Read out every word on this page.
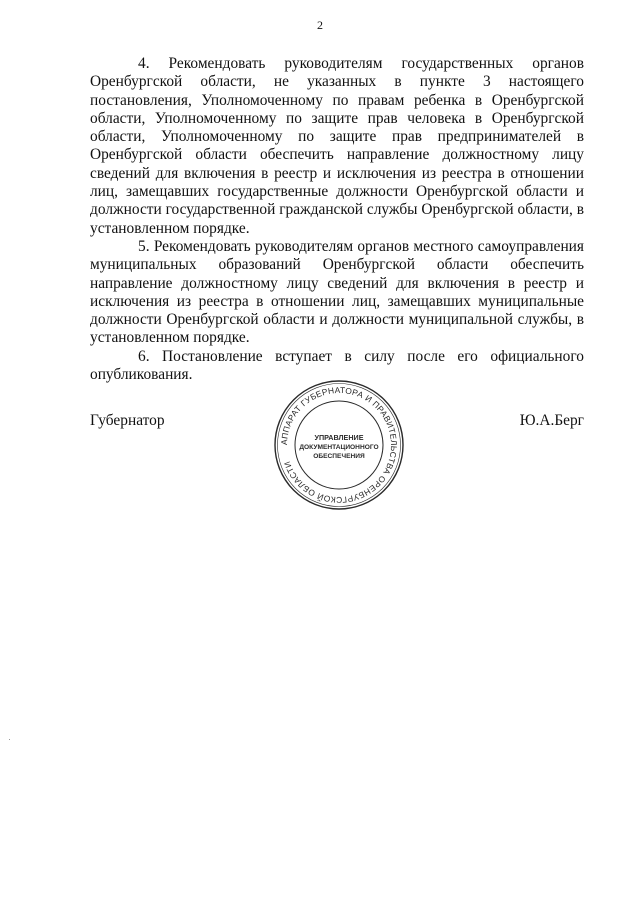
2

4. Рекомендовать руководителям государственных органов Оренбургской области, не указанных в пункте 3 настоящего постановления, Уполномоченному по правам ребенка в Оренбургской области, Уполномоченному по защите прав человека в Оренбургской области, Уполномоченному по защите прав предпринимателей в Оренбургской области обеспечить направление должностному лицу сведений для включения в реестр и исключения из реестра в отношении лиц, замещавших государственные должности Оренбургской области и должности государственной гражданской службы Оренбургской области, в установленном порядке.

5. Рекомендовать руководителям органов местного самоуправления муниципальных образований Оренбургской области обеспечить направление должностному лицу сведений для включения в реестр и исключения из реестра в отношении лиц, замещавших муниципальные должности Оренбургской области и должности муниципальной службы, в установленном порядке.

6. Постановление вступает в силу после его официального опубликования.

Губернатор	Ю.А.Берг
АППАРАТ ГУБЕРНАТОРА И ПРАВИТЕЛЬСТВА ОРЕНБУРГСКОЙ ОБЛАСТИ
УПРАВЛЕНИЕ
ДОКУМЕНТАЦИОННОГО
ОБЕСПЕЧЕНИЯ
